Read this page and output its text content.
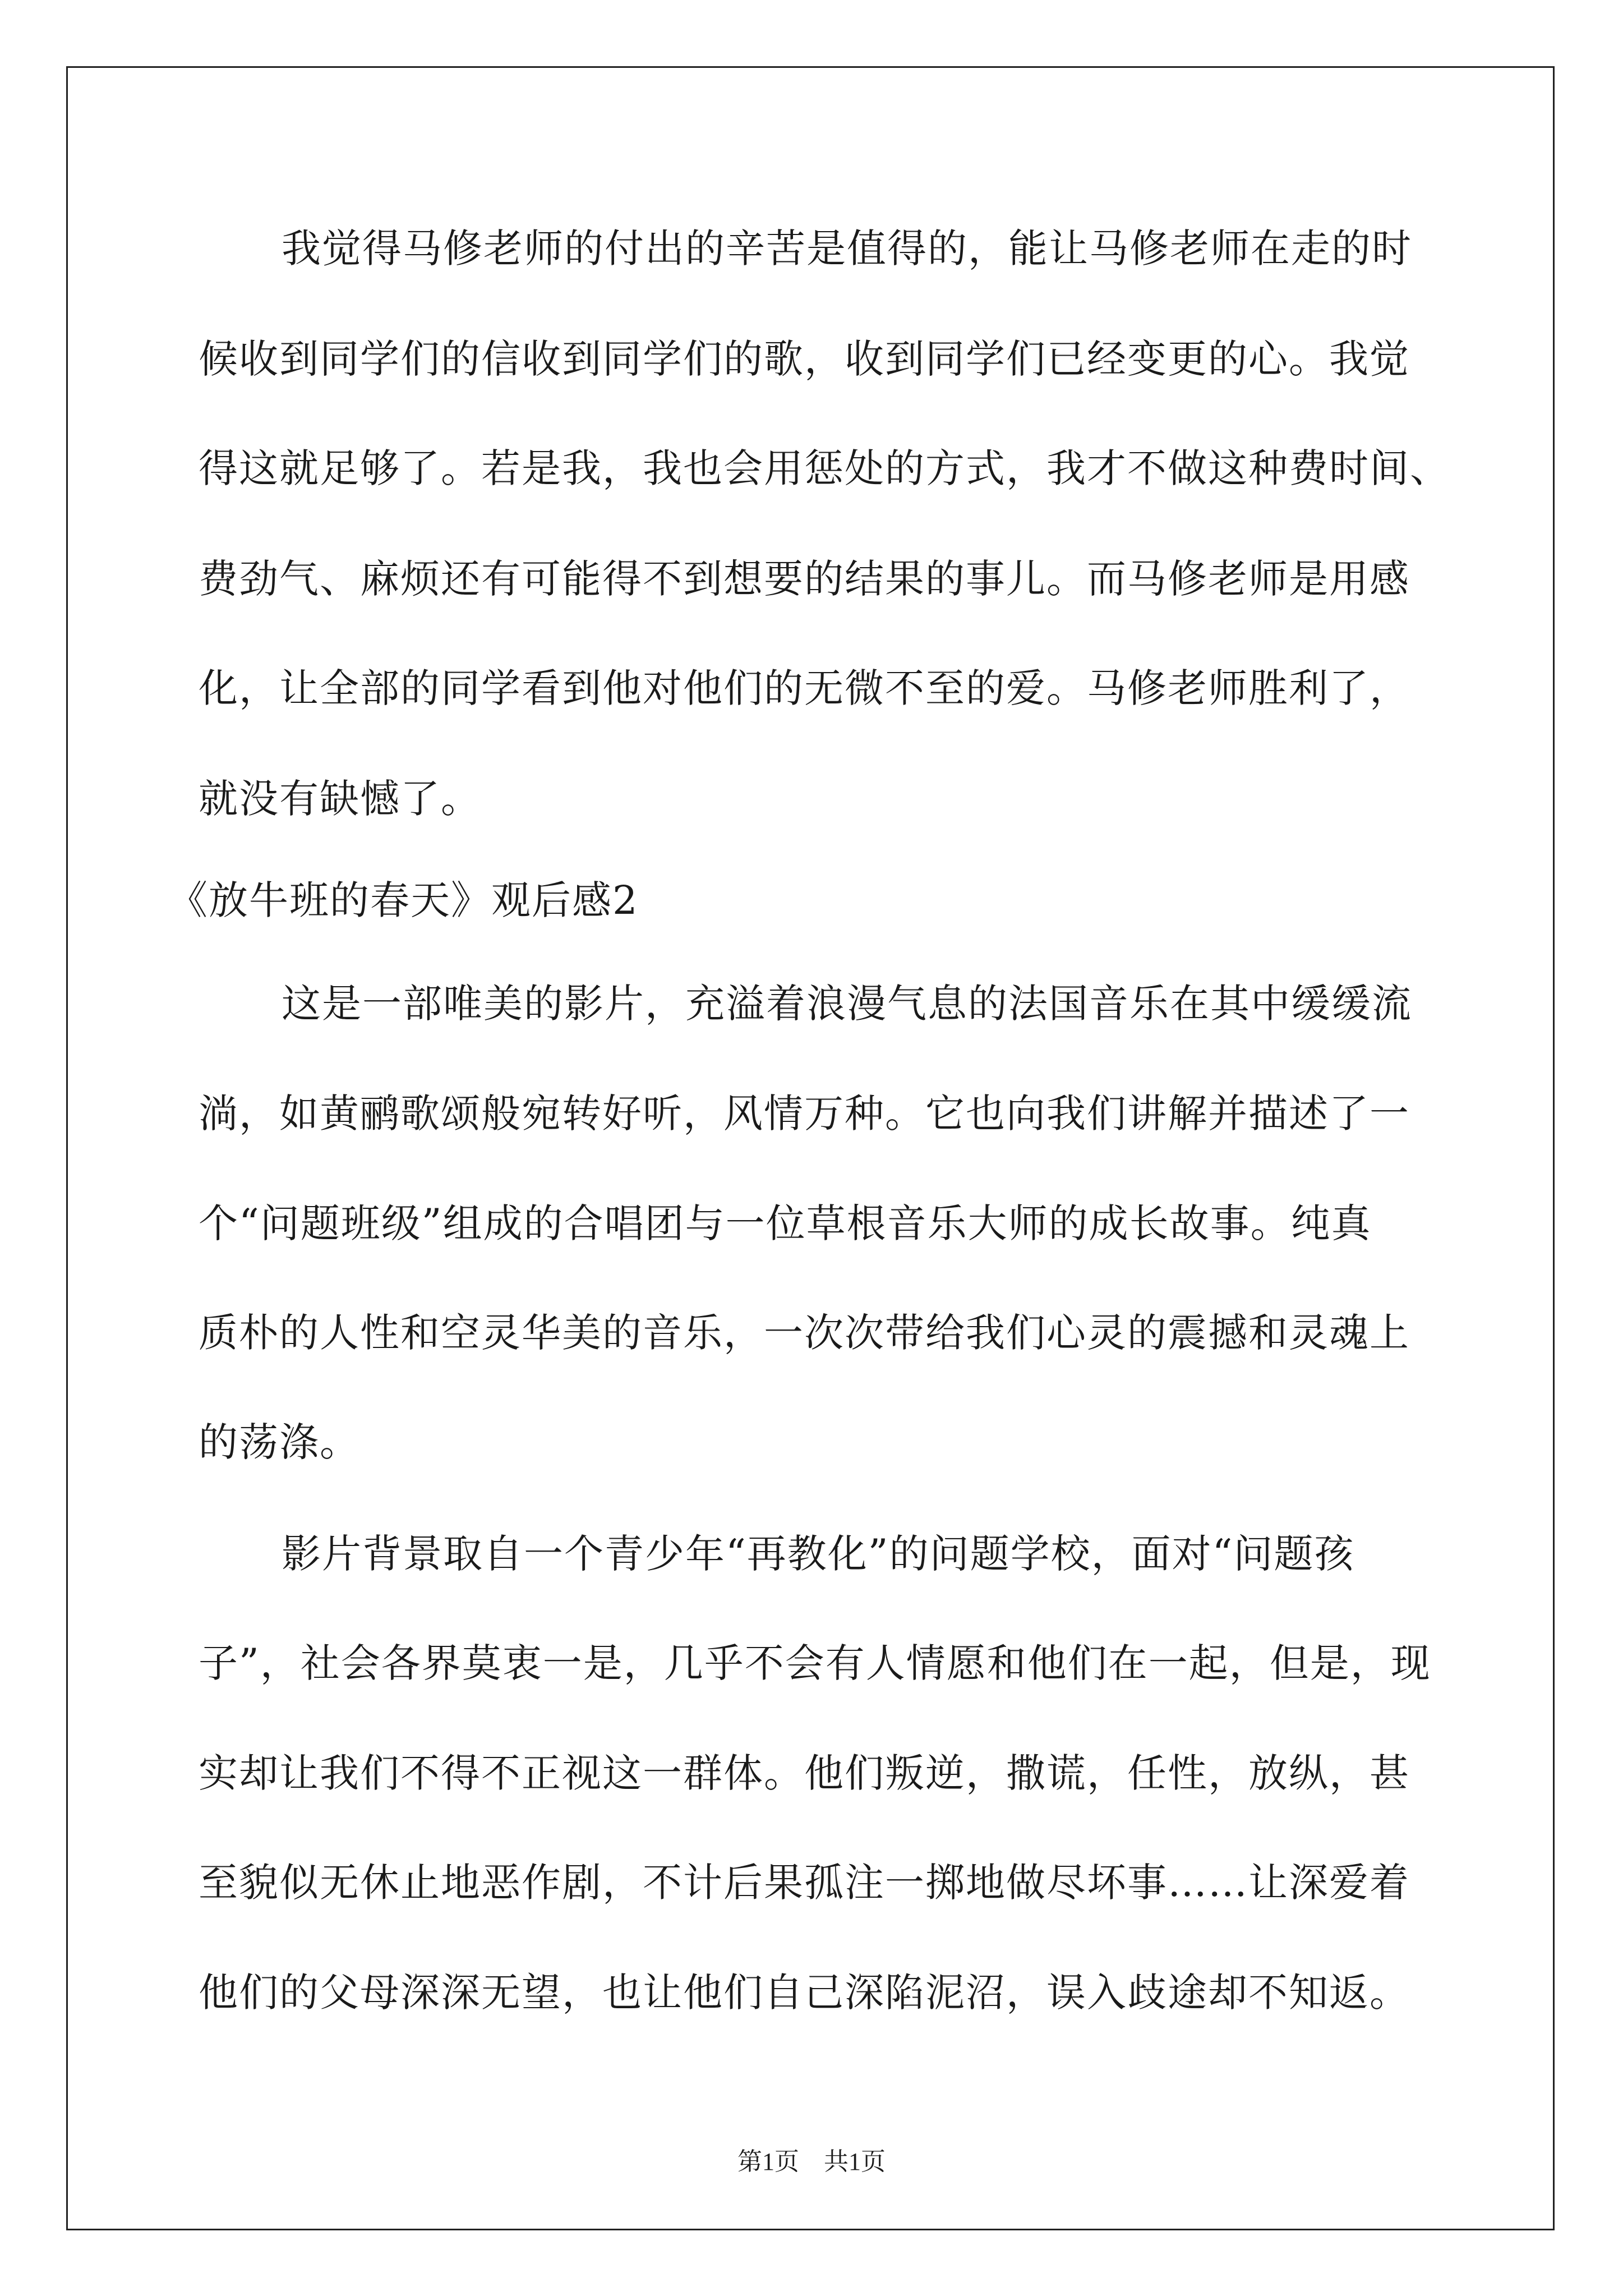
我觉得马修老师的付出的辛苦是值得的，能让马修老师在走的时
候收到同学们的信收到同学们的歌，收到同学们已经变更的心。我觉
得这就足够了。若是我，我也会用惩处的方式，我才不做这种费时间、
费劲气、麻烦还有可能得不到想要的结果的事儿。而马修老师是用感
化，让全部的同学看到他对他们的无微不至的爱。马修老师胜利了，
就没有缺憾了。
《放牛班的春天》观后感2
这是一部唯美的影片，充溢着浪漫气息的法国音乐在其中缓缓流
淌，如黄鹂歌颂般宛转好听，风情万种。它也向我们讲解并描述了一
个“问题班级”组成的合唱团与一位草根音乐大师的成长故事。纯真
质朴的人性和空灵华美的音乐，一次次带给我们心灵的震撼和灵魂上
的荡涤。
影片背景取自一个青少年“再教化”的问题学校，面对“问题孩
子”，社会各界莫衷一是，几乎不会有人情愿和他们在一起，但是，现
实却让我们不得不正视这一群体。他们叛逆，撒谎，任性，放纵，甚
至貌似无休止地恶作剧，不计后果孤注一掷地做尽坏事……让深爱着
他们的父母深深无望，也让他们自己深陷泥沼，误入歧途却不知返。
第1页 共1页
